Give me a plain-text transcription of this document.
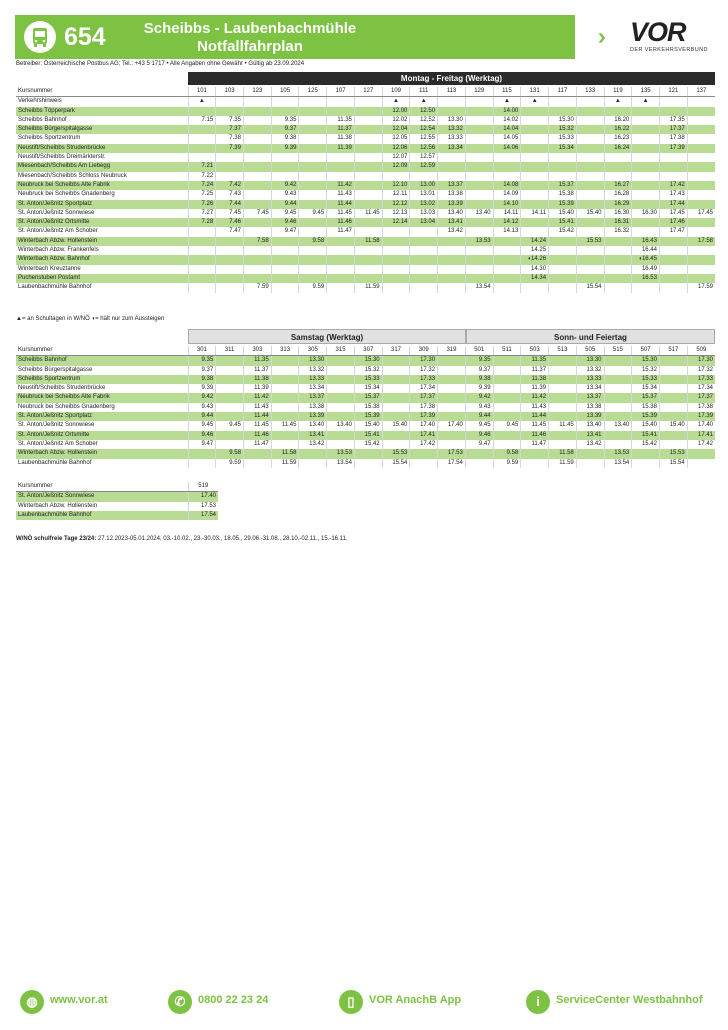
654	Scheibbs - Laubenbachmühle
Notfallfahrplan	VOR
DER VERKEHRSVERBUND
Betreiber: Österreichische Postbus AG; Tel.: +43 5 1717 • Alle Angaben ohne Gewähr • Gültig ab 23.09.2024
Montag - Freitag (Werktag)
Kursnummer	101	103	123	105	125	107	127	109	111	113	129	115	131	117	133	119	135	121	137
Verkehrshinweis	▲							▲	▲			▲	▲			▲	▲		
Scheibbs Töpperpark								12.00	12.50			14.00							
Scheibbs Bahnhof	7.15	7.35		9.35		11.35		12.02	12.52	13.30		14.02		15.30		16.20		17.35	
Scheibbs Bürgerspitalgasse		7.37		9.37		11.37		12.04	12.54	13.32		14.04		15.32		16.22		17.37	
Scheibbs Sportzentrum		7.38		9.38		11.38		12.05	12.55	13.33		14.05		15.33		16.23		17.38	
Neustift/Scheibbs Strudenbrücke		7.39		9.39		11.39		12.06	12.56	13.34		14.06		15.34		16.24		17.39	
Neustift/Scheibbs Dreimärkterstr.								12.07	12.57										
Miesenbach/Scheibbs Am Liebegg	7.21							12.09	12.59										
Miesenbach/Scheibbs Schloss Neubruck	7.22																		
Neubruck bei Scheibbs Alte Fabrik	7.24	7.42		9.42		11.42		12.10	13.00	13.37		14.08		15.37		16.27		17.42	
Neubruck bei Scheibbs Gnadenberg	7.25	7.43		9.43		11.43		12.11	13.01	13.38		14.09		15.38		16.28		17.43	
St. Anton/Jeßnitz Sportplatz	7.26	7.44		9.44		11.44		12.12	13.02	13.39		14.10		15.39		16.29		17.44	
St. Anton/Jeßnitz Sonnwiese	7.27	7.45	7.45	9.45	9.45	11.45	11.45	12.13	13.03	13.40	13.40	14.11	14.11	15.40	15.40	16.30	16.30	17.45	17.45
St. Anton/Jeßnitz Ortsmitte	7.28	7.46		9.46		11.46		12.14	13.04	13.41		14.12		15.41		16.31		17.46	
St. Anton/Jeßnitz Am Schober		7.47		9.47		11.47				13.42		14.13		15.42		16.32		17.47	
Winterbach Abzw. Hollenstein			7.58		9.58		11.58				13.53		14.24		15.53		16.43		17.58
Winterbach Abzw. Frankenfels													14.25				16.44		
Winterbach Abzw. Bahnhof													◖14.26				◖16.45		
Winterbach Kreuztanne													14.30				16.49		
Puchenstuben Postamt													14.34				16.53		
Laubenbachmühle Bahnhof			7.59		9.59		11.59				13.54				15.54				17.59
▲= an Schultagen in W/NÖ ◖= hält nur zum Aussteigen
Samstag (Werktag)	Sonn- und Feiertag
Kursnummer	301	311	303	313	305	315	307	317	309	319	501	511	503	513	505	515	507	517	509
Scheibbs Bahnhof	9.35		11.35		13.30		15.30		17.30		9.35		11.35		13.30		15.30		17.30
Scheibbs Bürgerspitalgasse	9.37		11.37		13.32		15.32		17.32		9.37		11.37		13.32		15.32		17.32
Scheibbs Sportzentrum	9.38		11.38		13.33		15.33		17.33		9.38		11.38		13.33		15.33		17.33
Neustift/Scheibbs Strudenbrücke	9.39		11.39		13.34		15.34		17.34		9.39		11.39		13.34		15.34		17.34
Neubruck bei Scheibbs Alte Fabrik	9.42		11.42		13.37		15.37		17.37		9.42		11.42		13.37		15.37		17.37
Neubruck bei Scheibbs Gnadenberg	9.43		11.43		13.38		15.38		17.38		9.43		11.43		13.38		15.38		17.38
St. Anton/Jeßnitz Sportplatz	9.44		11.44		13.39		15.39		17.39		9.44		11.44		13.39		15.39		17.39
St. Anton/Jeßnitz Sonnwiese	9.45	9.45	11.45	11.45	13.40	13.40	15.40	15.40	17.40	17.40	9.45	9.45	11.45	11.45	13.40	13.40	15.40	15.40	17.40
St. Anton/Jeßnitz Ortsmitte	9.46		11.46		13.41		15.41		17.41		9.46		11.46		13.41		15.41		17.41
St. Anton/Jeßnitz Am Schober	9.47		11.47		13.42		15.42		17.42		9.47		11.47		13.42		15.42		17.42
Winterbach Abzw. Hollenstein		9.58		11.58		13.53		15.53		17.53		9.58		11.58		13.53		15.53	
Laubenbachmühle Bahnhof		9.59		11.59		13.54		15.54		17.54		9.59		11.59		13.54		15.54	
Kursnummer	519
St. Anton/Jeßnitz Sonnwiese	17.40
Winterbach Abzw. Hollenstein	17.53
Laubenbachmühle Bahnhof	17.54
W/NÖ schulfreie Tage 23/24: 27.12.2023-05.01.2024, 03.-10.02., 23.-30.03., 18.05., 29.06.-31.08., 28.10.-02.11., 15.-16.11.
◍	www.vor.at	✆	0800 22 23 24	▯	VOR AnachB App	i	ServiceCenter Westbahnhof
